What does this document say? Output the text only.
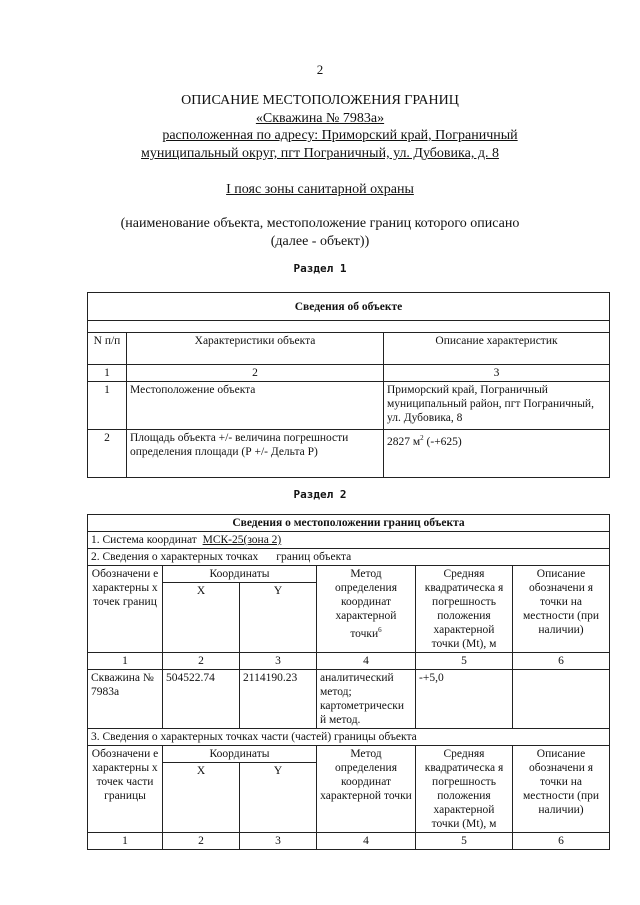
2
ОПИСАНИЕ МЕСТОПОЛОЖЕНИЯ ГРАНИЦ
«Скважина № 7983а»
расположенная по адресу: Приморский край, Пограничный
муниципальный округ, пгт Пограничный, ул. Дубовика, д. 8
I пояс зоны санитарной охраны
(наименование объекта, местоположение границ которого описано
(далее - объект))
Раздел 1
Сведения об объекте		

N п/п	Характеристики объекта	Описание характеристик
1	2	3
1	Местоположение объекта	Приморский край, Пограничный муниципальный район, пгт Пограничный, ул. Дубовика, 8
2	Площадь объекта +/- величина погрешности определения площади (Р +/- Дельта Р)	2827 $м^2$ (-+625)
Раздел 2
Сведения о местоположении границ объекта					
1. Система координат МСК-25(зона 2)					
2. Сведения о характерных точках границ объекта					
Обозначени е характерны х точек границ	Координаты		Метод определения координат характерной точки$^6$	Средняя квадратическа я погрешность положения характерной точки (Mt), м	Описание обозначени я точки на местности (при наличии)
	X	Y			
1	2	3	4	5	6
Скважина № 7983а	504522.74	2114190.23	аналитический метод; картометрически й метод.	-+5,0	
3. Сведения о характерных точках части (частей) границы объекта					
Обозначени е характерны х точек части границы	Координаты		Метод определения координат характерной точки	Средняя квадратическа я погрешность положения характерной точки (Mt), м	Описание обозначени я точки на местности (при наличии)
	X	Y			
1	2	3	4	5	6
